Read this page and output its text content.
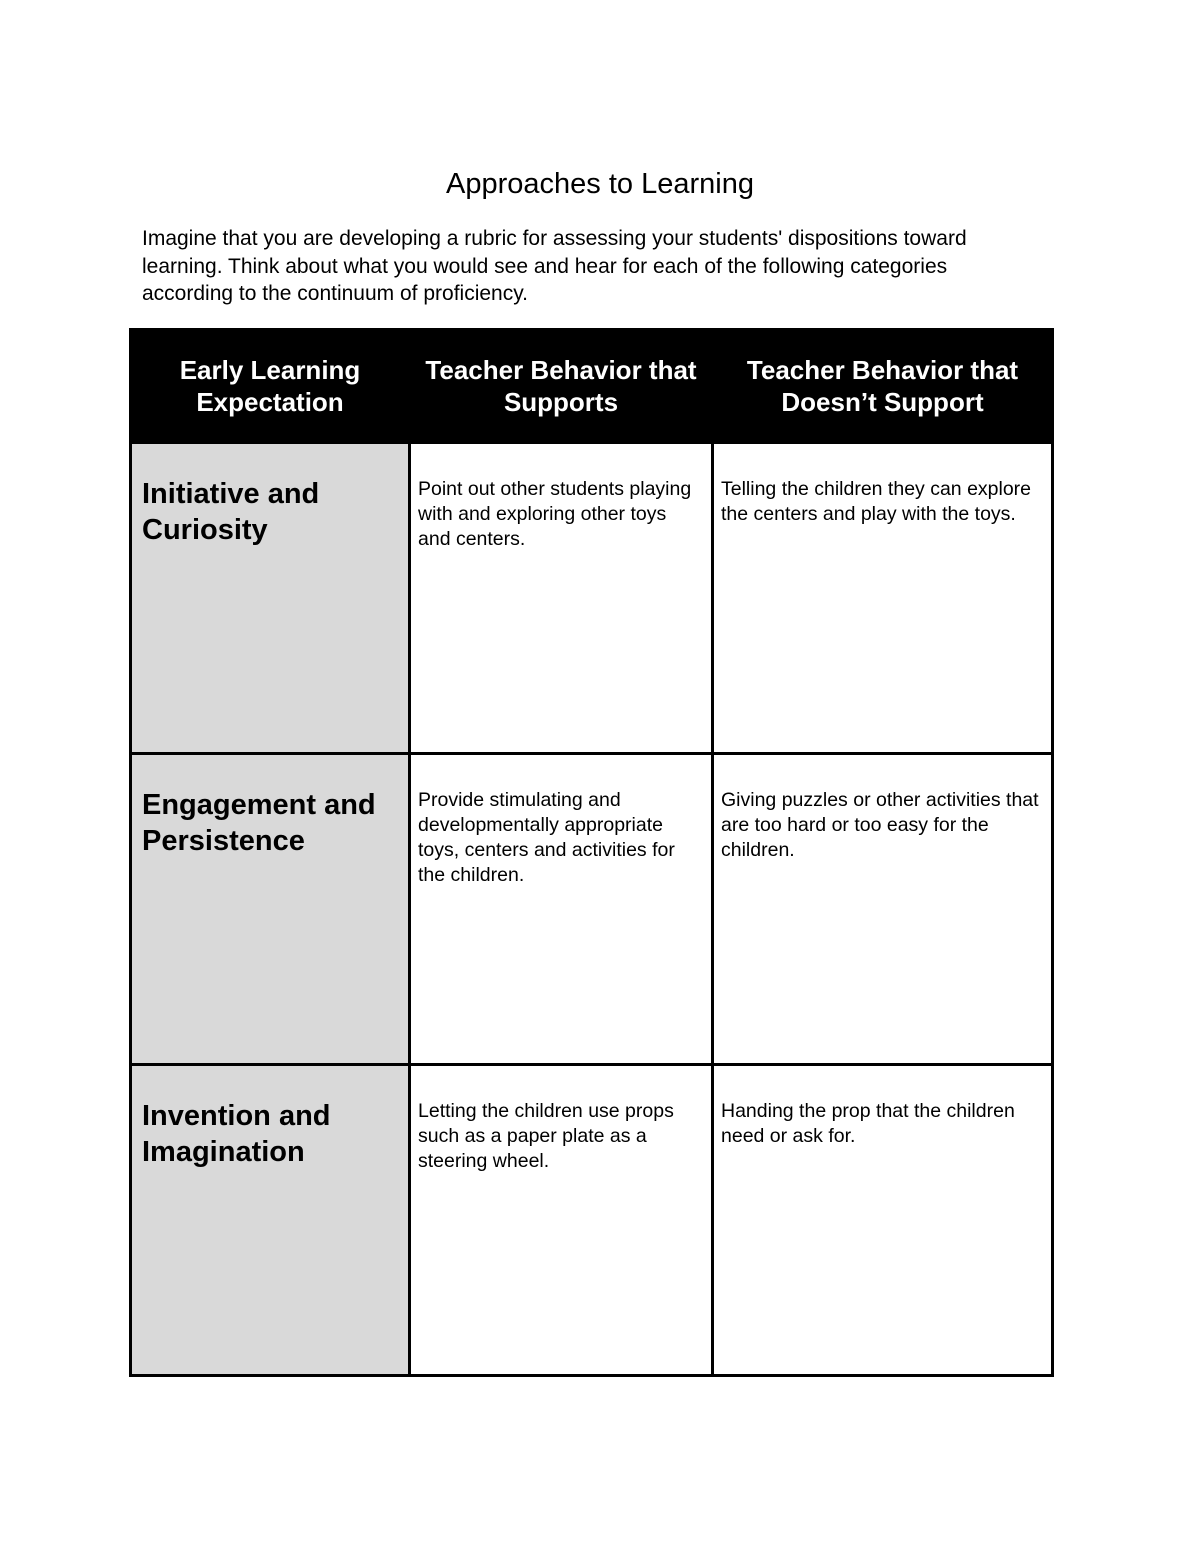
Approaches to Learning

Imagine that you are developing a rubric for assessing your students' dispositions toward learning. Think about what you would see and hear for each of the following categories according to the continuum of proficiency.

Early Learning Expectation	Teacher Behavior that Supports	Teacher Behavior that Doesn’t Support
Initiative and Curiosity	Point out other students playing with and exploring other toys and centers.	Telling the children they can explore the centers and play with the toys.
Engagement and Persistence	Provide stimulating and developmentally appropriate toys, centers and activities for the children.	Giving puzzles or other activities that are too hard or too easy for the children.
Invention and Imagination	Letting the children use props such as a paper plate as a steering wheel.	Handing the prop that the children need or ask for.
